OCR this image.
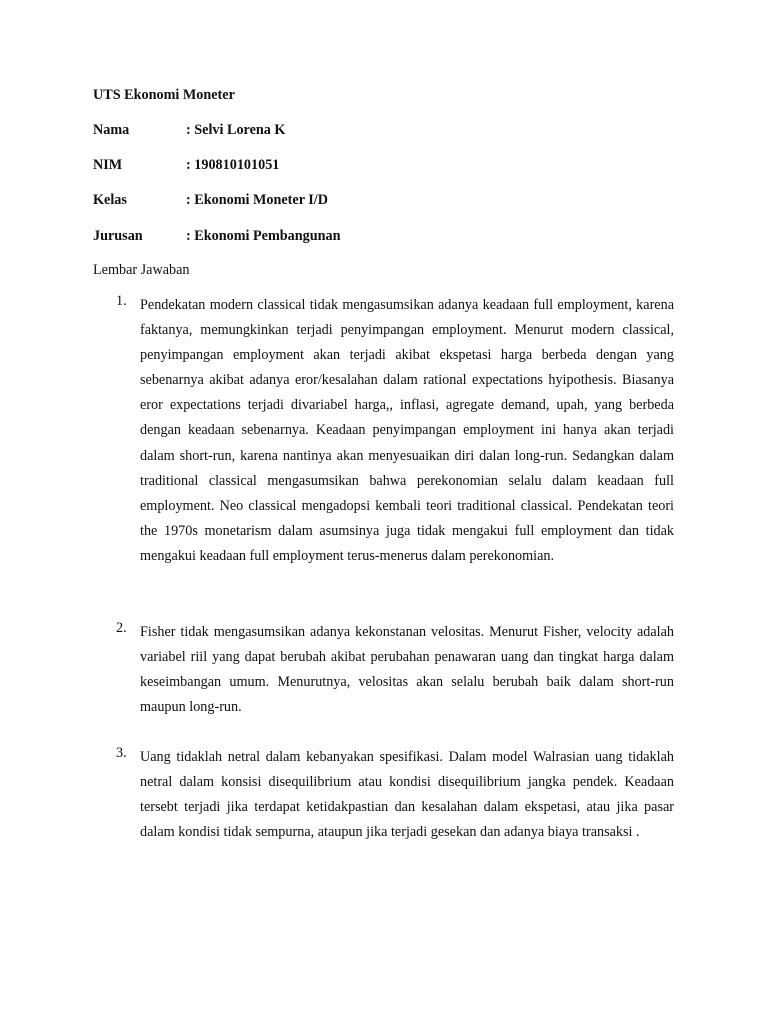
UTS Ekonomi Moneter
Nama	: Selvi Lorena K
NIM	: 190810101051
Kelas	: Ekonomi Moneter I/D
Jurusan	: Ekonomi Pembangunan
Lembar Jawaban
1. Pendekatan modern classical tidak mengasumsikan adanya keadaan full employment, karena faktanya, memungkinkan terjadi penyimpangan employment. Menurut modern classical, penyimpangan employment akan terjadi akibat ekspetasi harga berbeda dengan yang sebenarnya akibat adanya eror/kesalahan dalam rational expectations hyipothesis. Biasanya eror expectations terjadi divariabel harga,, inflasi, agregate demand, upah, yang berbeda dengan keadaan sebenarnya. Keadaan penyimpangan employment ini hanya akan terjadi dalam short-run, karena nantinya akan menyesuaikan diri dalan long-run. Sedangkan dalam traditional classical mengasumsikan bahwa perekonomian selalu dalam keadaan full employment. Neo classical mengadopsi kembali teori traditional classical. Pendekatan teori the 1970s monetarism dalam asumsinya juga tidak mengakui full employment dan tidak mengakui keadaan full employment terus-menerus dalam perekonomian.
2. Fisher tidak mengasumsikan adanya kekonstanan velositas. Menurut Fisher, velocity adalah variabel riil yang dapat berubah akibat perubahan penawaran uang dan tingkat harga dalam keseimbangan umum. Menurutnya, velositas akan selalu berubah baik dalam short-run maupun long-run.
3. Uang tidaklah netral dalam kebanyakan spesifikasi. Dalam model Walrasian uang tidaklah netral dalam konsisi disequilibrium atau kondisi disequilibrium jangka pendek. Keadaan tersebt terjadi jika terdapat ketidakpastian dan kesalahan dalam ekspetasi, atau jika pasar dalam kondisi tidak sempurna, ataupun jika terjadi gesekan dan adanya biaya transaksi .
